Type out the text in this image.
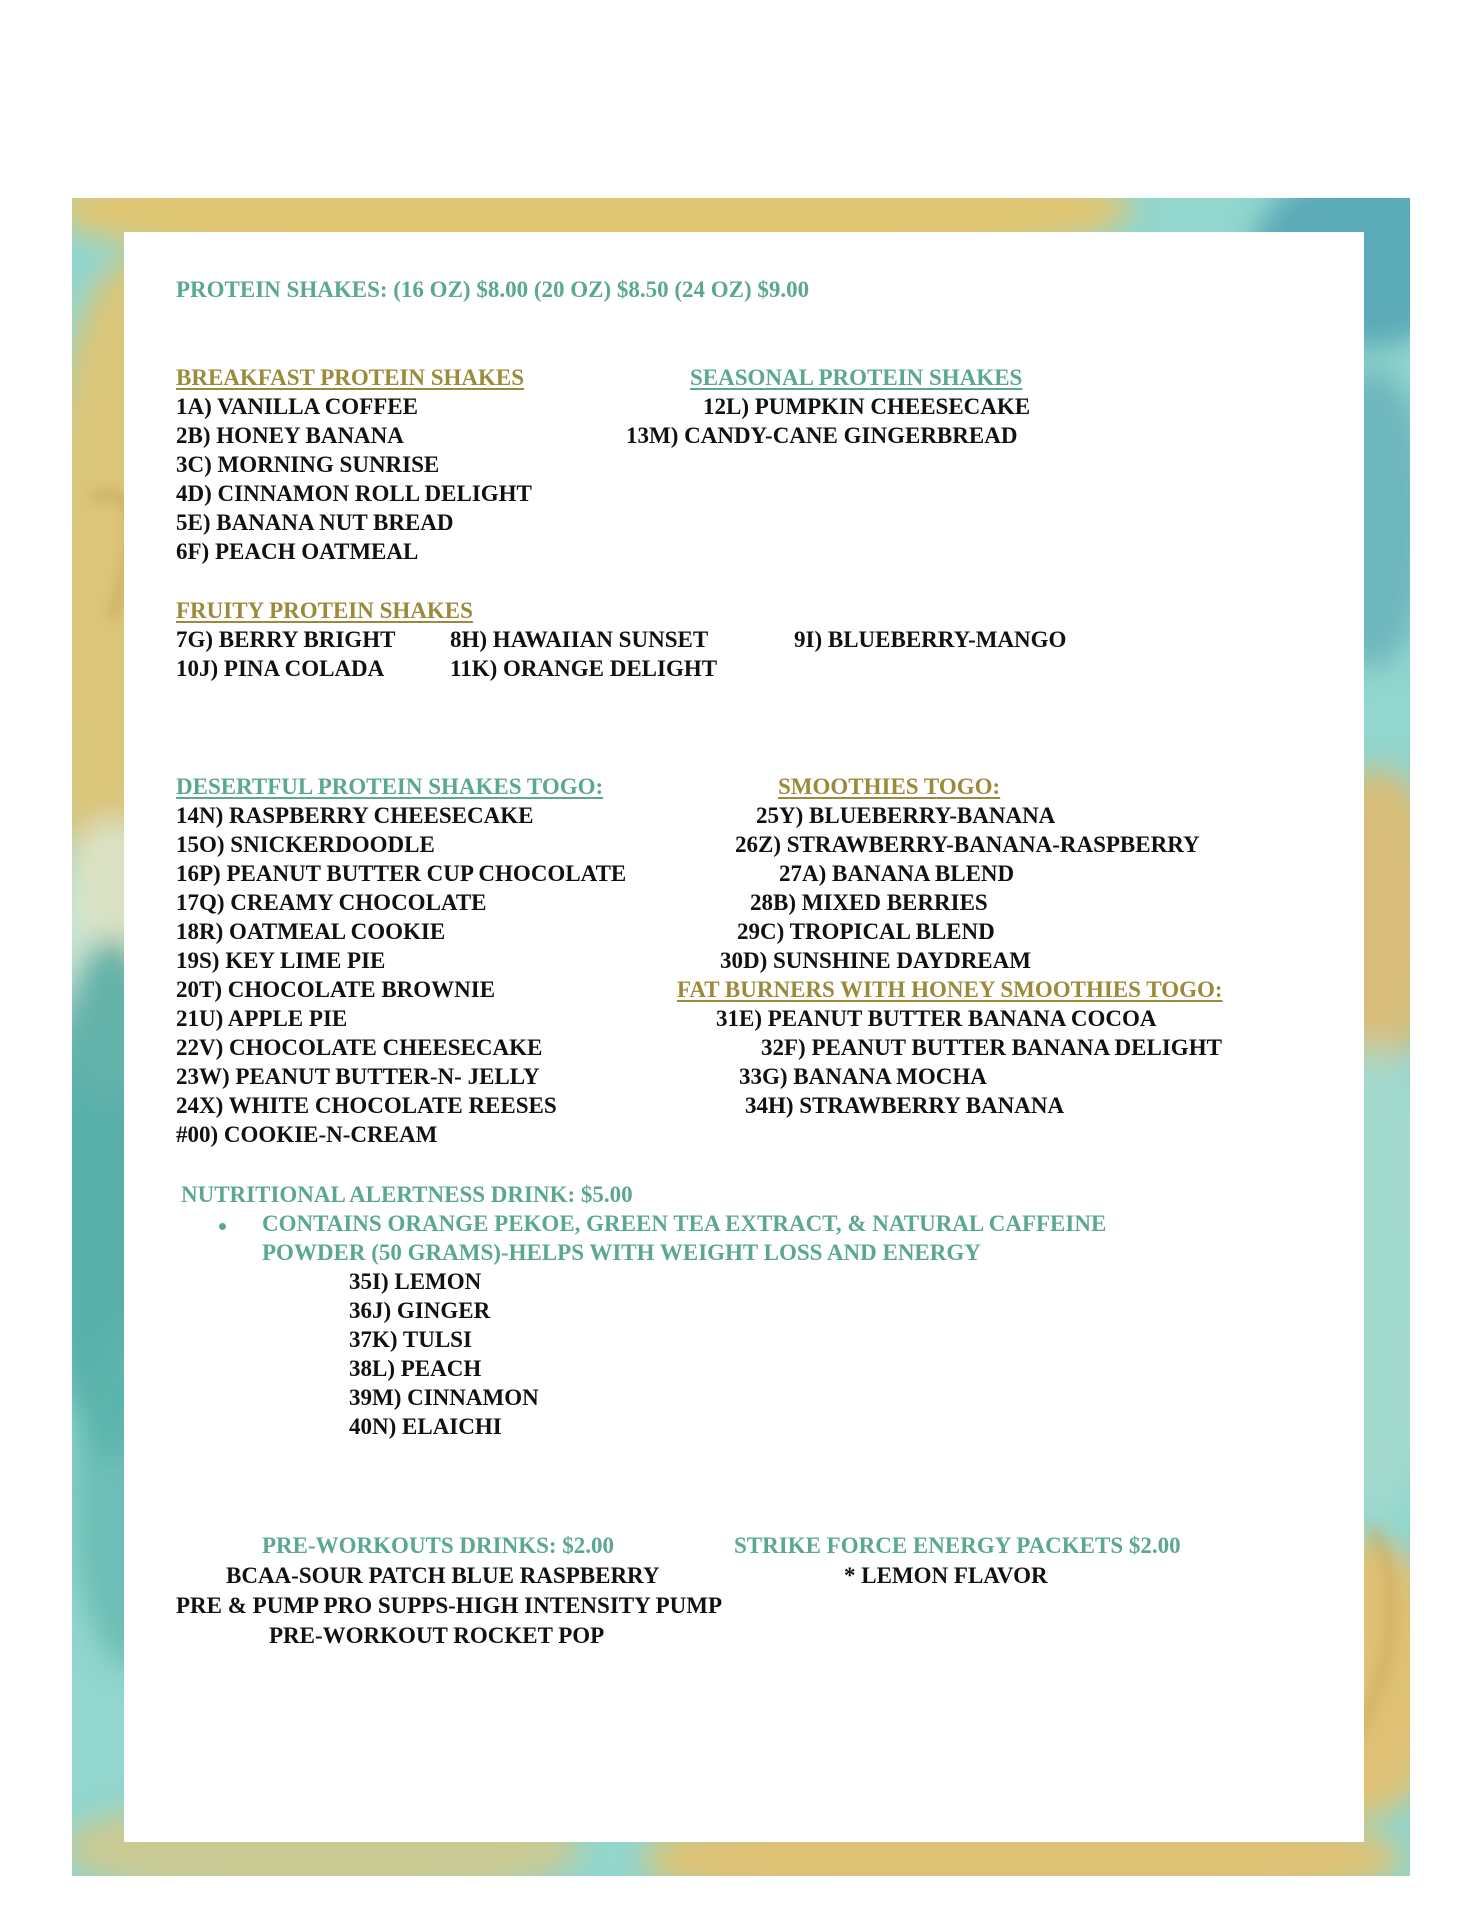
PROTEIN SHAKES: (16 OZ) $8.00 (20 OZ) $8.50 (24 OZ) $9.00
BREAKFAST PROTEIN SHAKES
1A) VANILLA COFFEE
2B) HONEY BANANA
3C) MORNING SUNRISE
4D) CINNAMON ROLL DELIGHT
5E) BANANA NUT BREAD
6F) PEACH OATMEAL
SEASONAL PROTEIN SHAKES
12L) PUMPKIN CHEESECAKE
13M) CANDY-CANE GINGERBREAD
FRUITY PROTEIN SHAKES
7G) BERRY BRIGHT 8H) HAWAIIAN SUNSET	9I) BLUEBERRY-MANGO
10J) PINA COLADA	11K) ORANGE DELIGHT
DESERTFUL PROTEIN SHAKES TOGO:
14N) RASPBERRY CHEESECAKE
15O) SNICKERDOODLE
16P) PEANUT BUTTER CUP CHOCOLATE
17Q) CREAMY CHOCOLATE
18R) OATMEAL COOKIE
19S) KEY LIME PIE
20T) CHOCOLATE BROWNIE
21U) APPLE PIE
22V) CHOCOLATE CHEESECAKE
23W) PEANUT BUTTER-N- JELLY
24X) WHITE CHOCOLATE REESES
#00) COOKIE-N-CREAM
SMOOTHIES TOGO:
25Y) BLUEBERRY-BANANA
26Z) STRAWBERRY-BANANA-RASPBERRY
27A) BANANA BLEND
28B) MIXED BERRIES
29C) TROPICAL BLEND
30D) SUNSHINE DAYDREAM
FAT BURNERS WITH HONEY SMOOTHIES TOGO:
31E) PEANUT BUTTER BANANA COCOA
32F) PEANUT BUTTER BANANA DELIGHT
33G) BANANA MOCHA
34H) STRAWBERRY BANANA
NUTRITIONAL ALERTNESS DRINK: $5.00
CONTAINS ORANGE PEKOE, GREEN TEA EXTRACT, & NATURAL CAFFEINE
POWDER (50 GRAMS)-HELPS WITH WEIGHT LOSS AND ENERGY
35I) LEMON
36J) GINGER
37K) TULSI
38L) PEACH
39M) CINNAMON
40N) ELAICHI
PRE-WORKOUTS DRINKS: $2.00
BCAA-SOUR PATCH BLUE RASPBERRY
PRE & PUMP PRO SUPPS-HIGH INTENSITY PUMP
PRE-WORKOUT ROCKET POP
STRIKE FORCE ENERGY PACKETS $2.00
* LEMON FLAVOR
